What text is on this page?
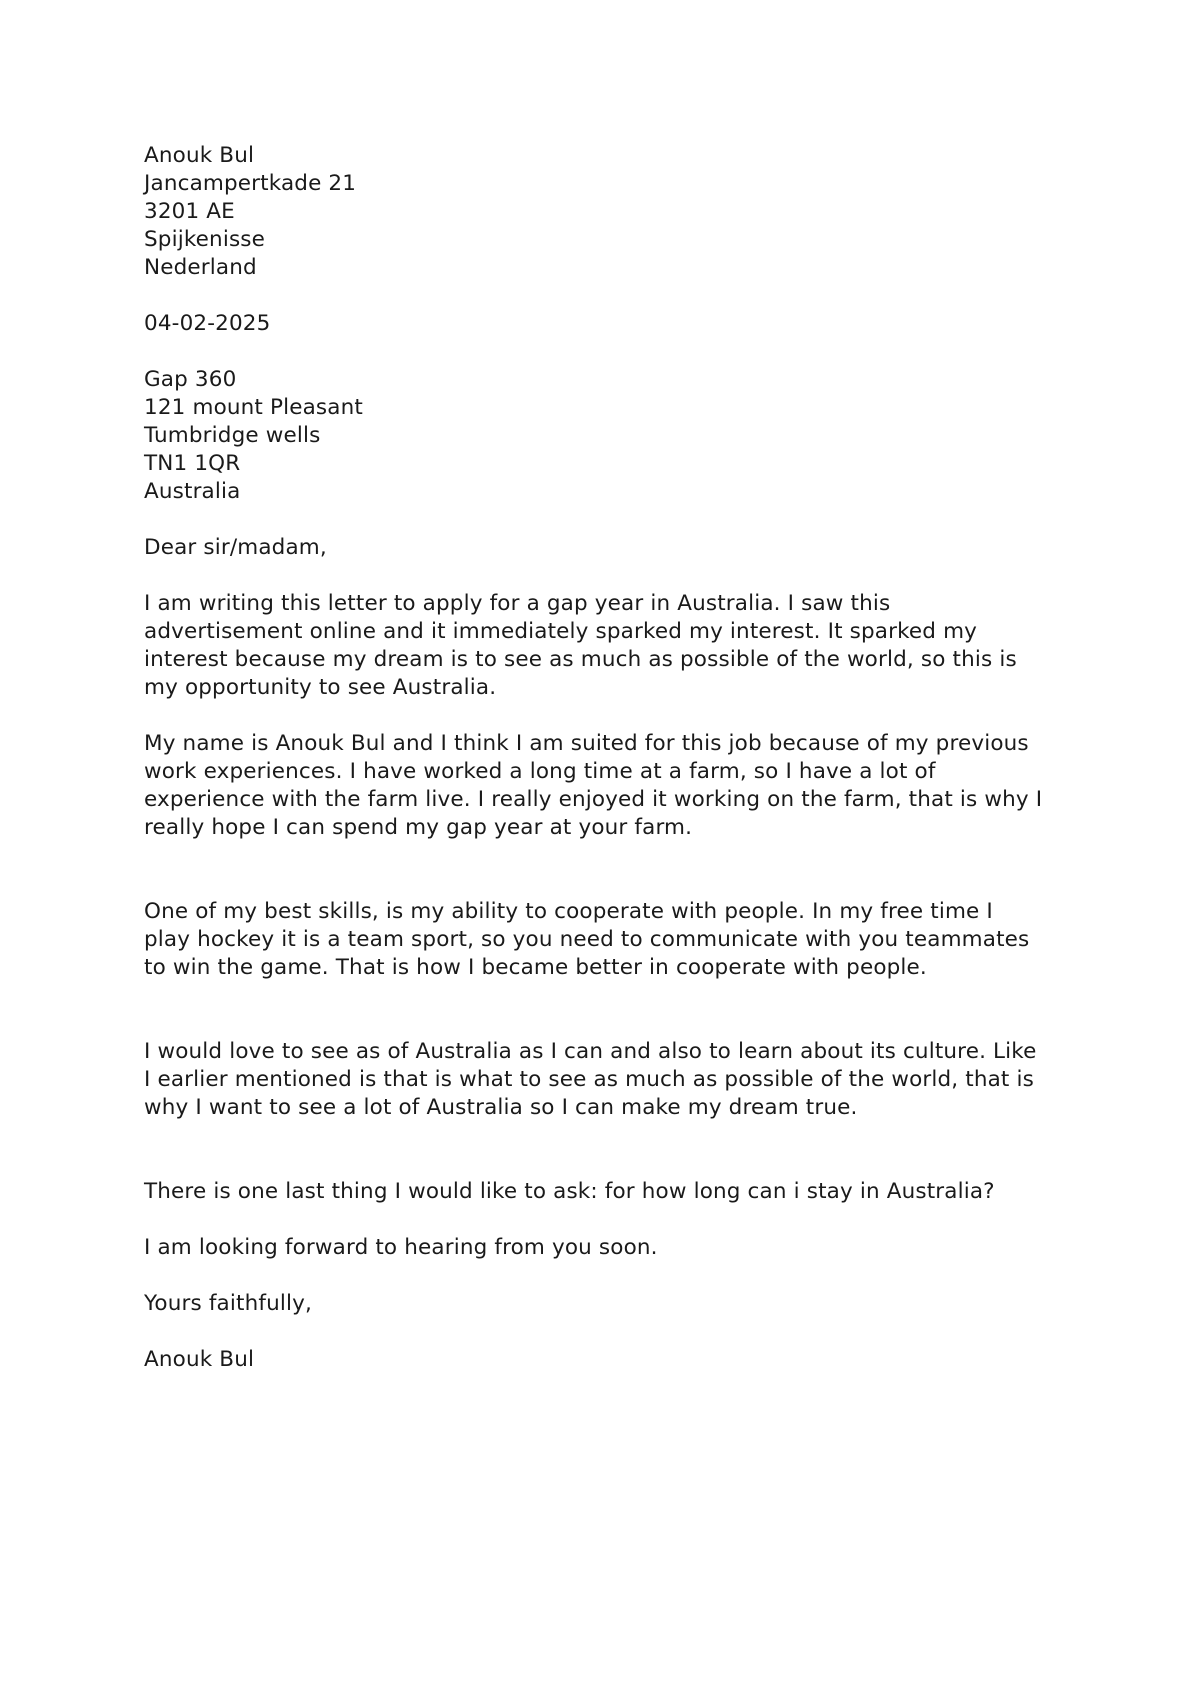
Anouk Bul
Jancampertkade 21
3201 AE
Spijkenisse
Nederland
04-02-2025
Gap 360
121 mount Pleasant
Tumbridge wells
TN1 1QR
Australia
Dear sir/madam,
I am writing this letter to apply for a gap year in Australia. I saw this
advertisement online and it immediately sparked my interest. It sparked my
interest because my dream is to see as much as possible of the world, so this is
my opportunity to see Australia.
My name is Anouk Bul and I think I am suited for this job because of my previous
work experiences. I have worked a long time at a farm, so I have a lot of
experience with the farm live. I really enjoyed it working on the farm, that is why I
really hope I can spend my gap year at your farm.
One of my best skills, is my ability to cooperate with people. In my free time I
play hockey it is a team sport, so you need to communicate with you teammates
to win the game. That is how I became better in cooperate with people.
I would love to see as of Australia as I can and also to learn about its culture. Like
I earlier mentioned is that is what to see as much as possible of the world, that is
why I want to see a lot of Australia so I can make my dream true.
There is one last thing I would like to ask: for how long can i stay in Australia?
I am looking forward to hearing from you soon.
Yours faithfully,
Anouk Bul
